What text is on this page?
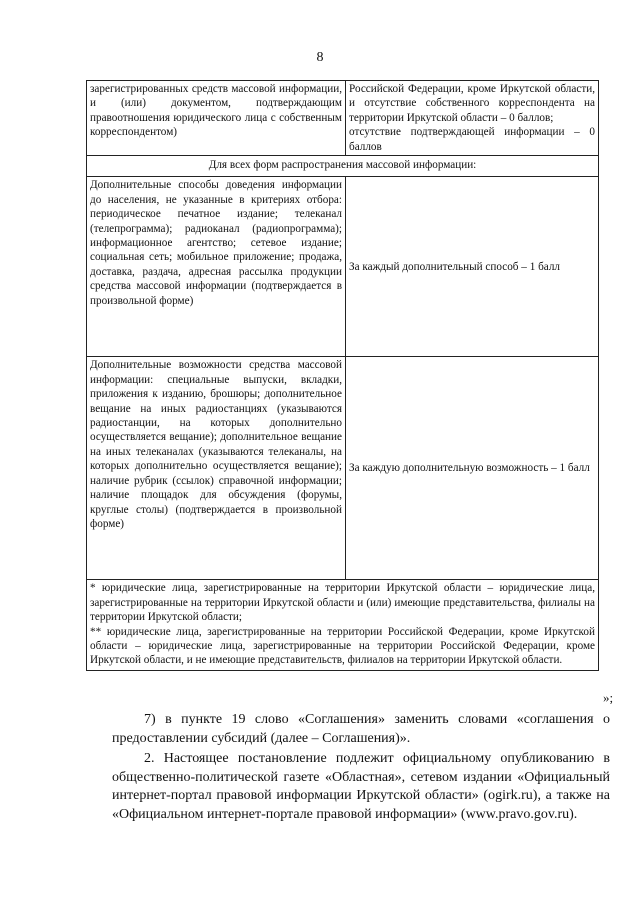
8
зарегистрированных средств массовой информации, и (или) документом, подтверждающим правоотношения юридического лица с собственным корреспондентом)	Российской Федерации, кроме Иркутской области, и отсутствие собственного корреспондента на территории Иркутской области – 0 баллов;
отсутствие подтверждающей информации – 0 баллов

Для всех форм распространения массовой информации:	
Дополнительные способы доведения информации до населения, не указанные в критериях отбора: периодическое печатное издание; телеканал (телепрограмма); радиоканал (радиопрограмма); информационное агентство; сетевое издание; социальная сеть; мобильное приложение; продажа, доставка, раздача, адресная рассылка продукции средства массовой информации (подтверждается в произвольной форме)	За каждый дополнительный способ – 1 балл
Дополнительные возможности средства массовой информации: специальные выпуски, вкладки, приложения к изданию, брошюры; дополнительное вещание на иных радиостанциях (указываются радиостанции, на которых дополнительно осуществляется вещание); дополнительное вещание на иных телеканалах (указываются телеканалы, на которых дополнительно осуществляется вещание); наличие рубрик (ссылок) справочной информации; наличие площадок для обсуждения (форумы, круглые столы) (подтверждается в произвольной форме)	За каждую дополнительную возможность – 1 балл

* юридические лица, зарегистрированные на территории Иркутской области – юридические лица, зарегистрированные на территории Иркутской области и (или) имеющие представительства, филиалы на территории Иркутской области;
** юридические лица, зарегистрированные на территории Российской Федерации, кроме Иркутской области – юридические лица, зарегистрированные на территории Российской Федерации, кроме Иркутской области, и не имеющие представительств, филиалов на территории Иркутской области.	
»;
7) в пункте 19 слово «Соглашения» заменить словами «соглашения о предоставлении субсидий (далее – Соглашения)».
2. Настоящее постановление подлежит официальному опубликованию в общественно-политической газете «Областная», сетевом издании «Официальный интернет-портал правовой информации Иркутской области» (ogirk.ru), а также на «Официальном интернет-портале правовой информации» (www.pravo.gov.ru).
